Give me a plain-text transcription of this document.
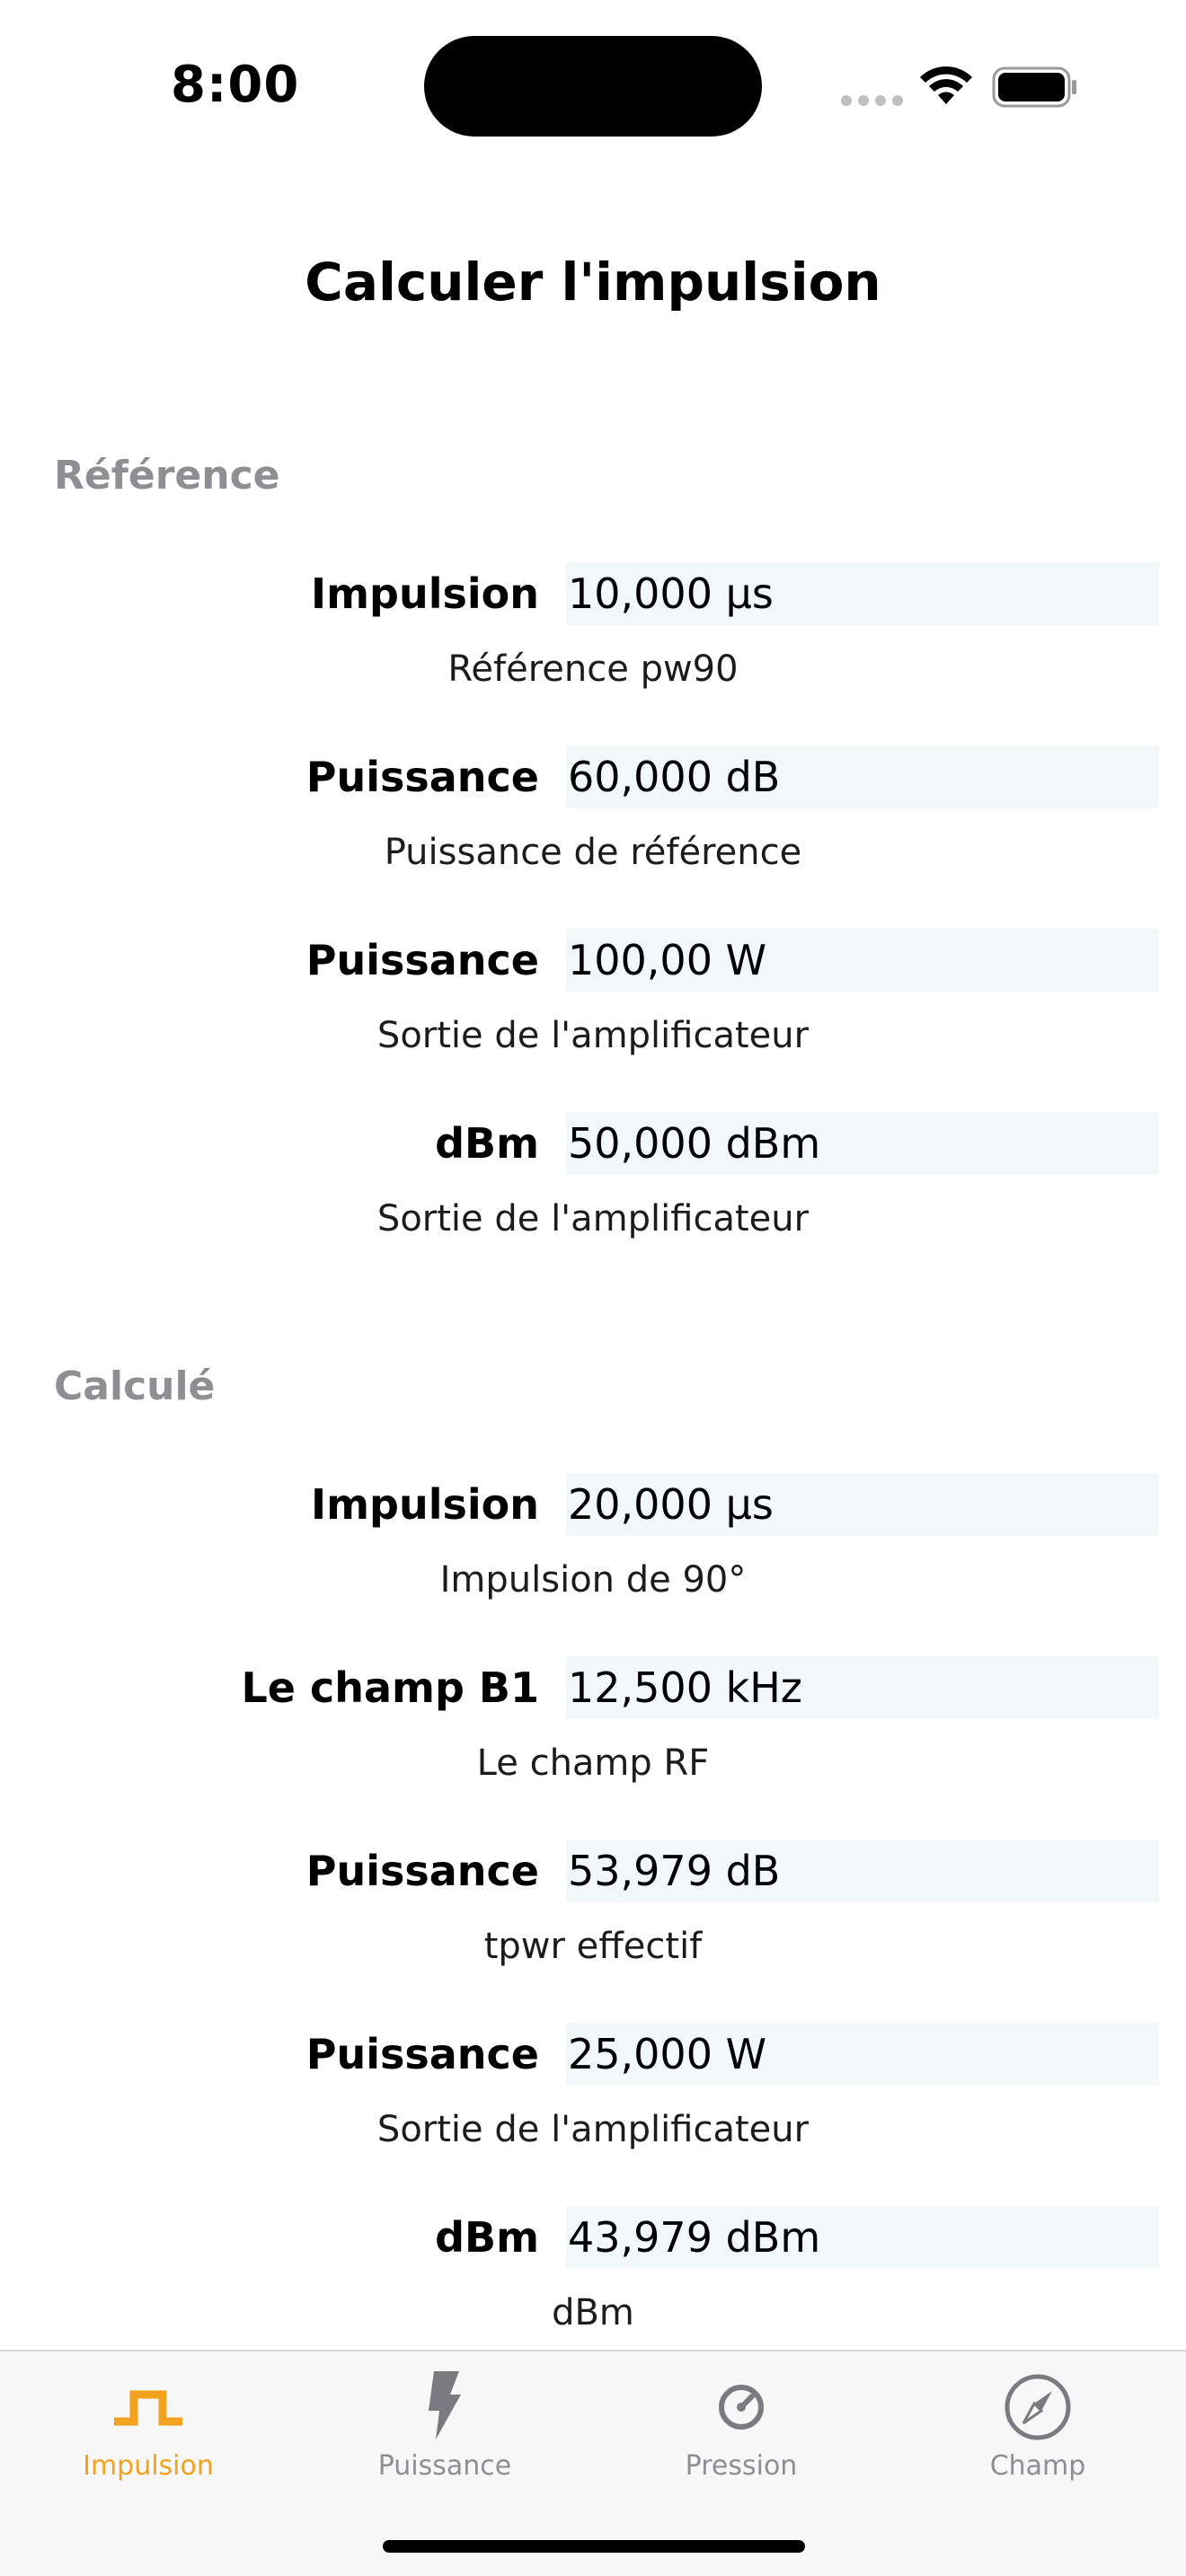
8:00
Calculer l'impulsion
Référence
Impulsion 10,000 µs
Référence pw90
Puissance 60,000 dB
Puissance de référence
Puissance 100,00 W
Sortie de l'amplificateur
dBm 50,000 dBm
Sortie de l'amplificateur
Calculé
Impulsion 20,000 µs
Impulsion de 90°
Le champ B1 12,500 kHz
Le champ RF
Puissance 53,979 dB
tpwr effectif
Puissance 25,000 W
Sortie de l'amplificateur
dBm 43,979 dBm
dBm
Impulsion	Puissance	Pression	Champ
